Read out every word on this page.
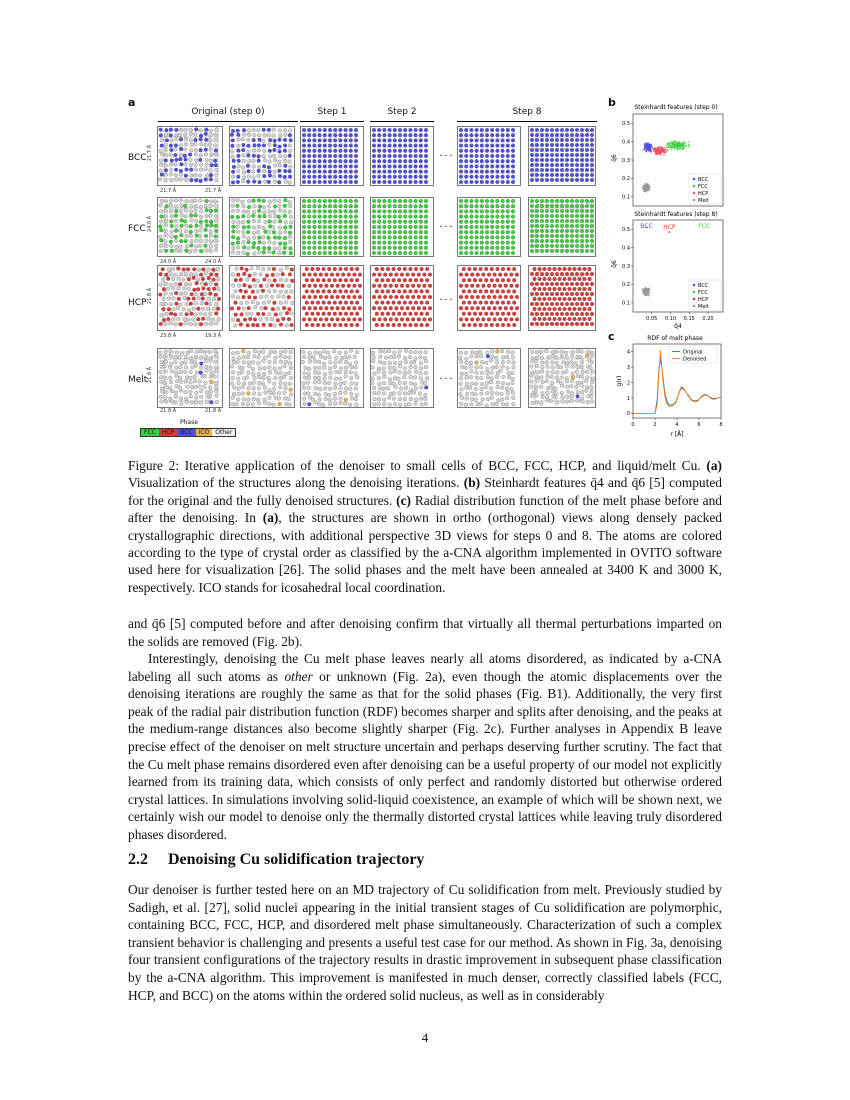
a
Original (step 0)	Step 1	Step 2	Step 8
BCC	···
21.7 Å	21.7 Å
21.7 Å
FCC	···
24.0 Å	24.0 Å
24.0 Å
HCP	···
23.8 Å	19.3 Å
21.8 Å
Melt	···
21.8 Å	21.8 Å
21.8 Å
Phase
FCC	HCP	BCC	ICO	Other
b
c
Steinhardt features (step 0)
0.1
0.2
0.3
0.4
0.5
q̄6
BCC
FCC
HCP
Melt
Steinhardt features (step 8)
0.1
0.2
0.3
0.4
0.5
0.05 0.10 0.15 0.20
q̄6
q̄4
BCC	FCC
HCP
BCC
FCC
HCP
Melt
RDF of melt phase
0	2	4	6	8
0
1
2
3
4
g(r)
r [Å]
Original
Denoised
Figure 2: Iterative application of the denoiser to small cells of BCC, FCC, HCP, and liquid/melt Cu. (a) Visualization of the structures along the denoising iterations. (b) Steinhardt features q̄4 and q̄6 [5] computed for the original and the fully denoised structures. (c) Radial distribution function of the melt phase before and after the denoising. In (a), the structures are shown in ortho (orthogonal) views along densely packed crystallographic directions, with additional perspective 3D views for steps 0 and 8. The atoms are colored according to the type of crystal order as classified by the a-CNA algorithm implemented in OVITO software used here for visualization [26]. The solid phases and the melt have been annealed at 3400 K and 3000 K, respectively. ICO stands for icosahedral local coordination.

and q̄6 [5] computed before and after denoising confirm that virtually all thermal perturbations imparted on the solids are removed (Fig. 2b).

Interestingly, denoising the Cu melt phase leaves nearly all atoms disordered, as indicated by a-CNA labeling all such atoms as other or unknown (Fig. 2a), even though the atomic displacements over the denoising iterations are roughly the same as that for the solid phases (Fig. B1). Additionally, the very first peak of the radial pair distribution function (RDF) becomes sharper and splits after denoising, and the peaks at the medium-range distances also become slightly sharper (Fig. 2c). Further analyses in Appendix B leave precise effect of the denoiser on melt structure uncertain and perhaps deserving further scrutiny. The fact that the Cu melt phase remains disordered even after denoising can be a useful property of our model not explicitly learned from its training data, which consists of only perfect and randomly distorted but otherwise ordered crystal lattices. In simulations involving solid-liquid coexistence, an example of which will be shown next, we certainly wish our model to denoise only the thermally distorted crystal lattices while leaving truly disordered phases disordered.

2.2 Denoising Cu solidification trajectory

Our denoiser is further tested here on an MD trajectory of Cu solidification from melt. Previously studied by Sadigh, et al. [27], solid nuclei appearing in the initial transient stages of Cu solidification are polymorphic, containing BCC, FCC, HCP, and disordered melt phase simultaneously. Characterization of such a complex transient behavior is challenging and presents a useful test case for our method. As shown in Fig. 3a, denoising four transient configurations of the trajectory results in drastic improvement in subsequent phase classification by the a-CNA algorithm. This improvement is manifested in much denser, correctly classified labels (FCC, HCP, and BCC) on the atoms within the ordered solid nucleus, as well as in considerably

4
